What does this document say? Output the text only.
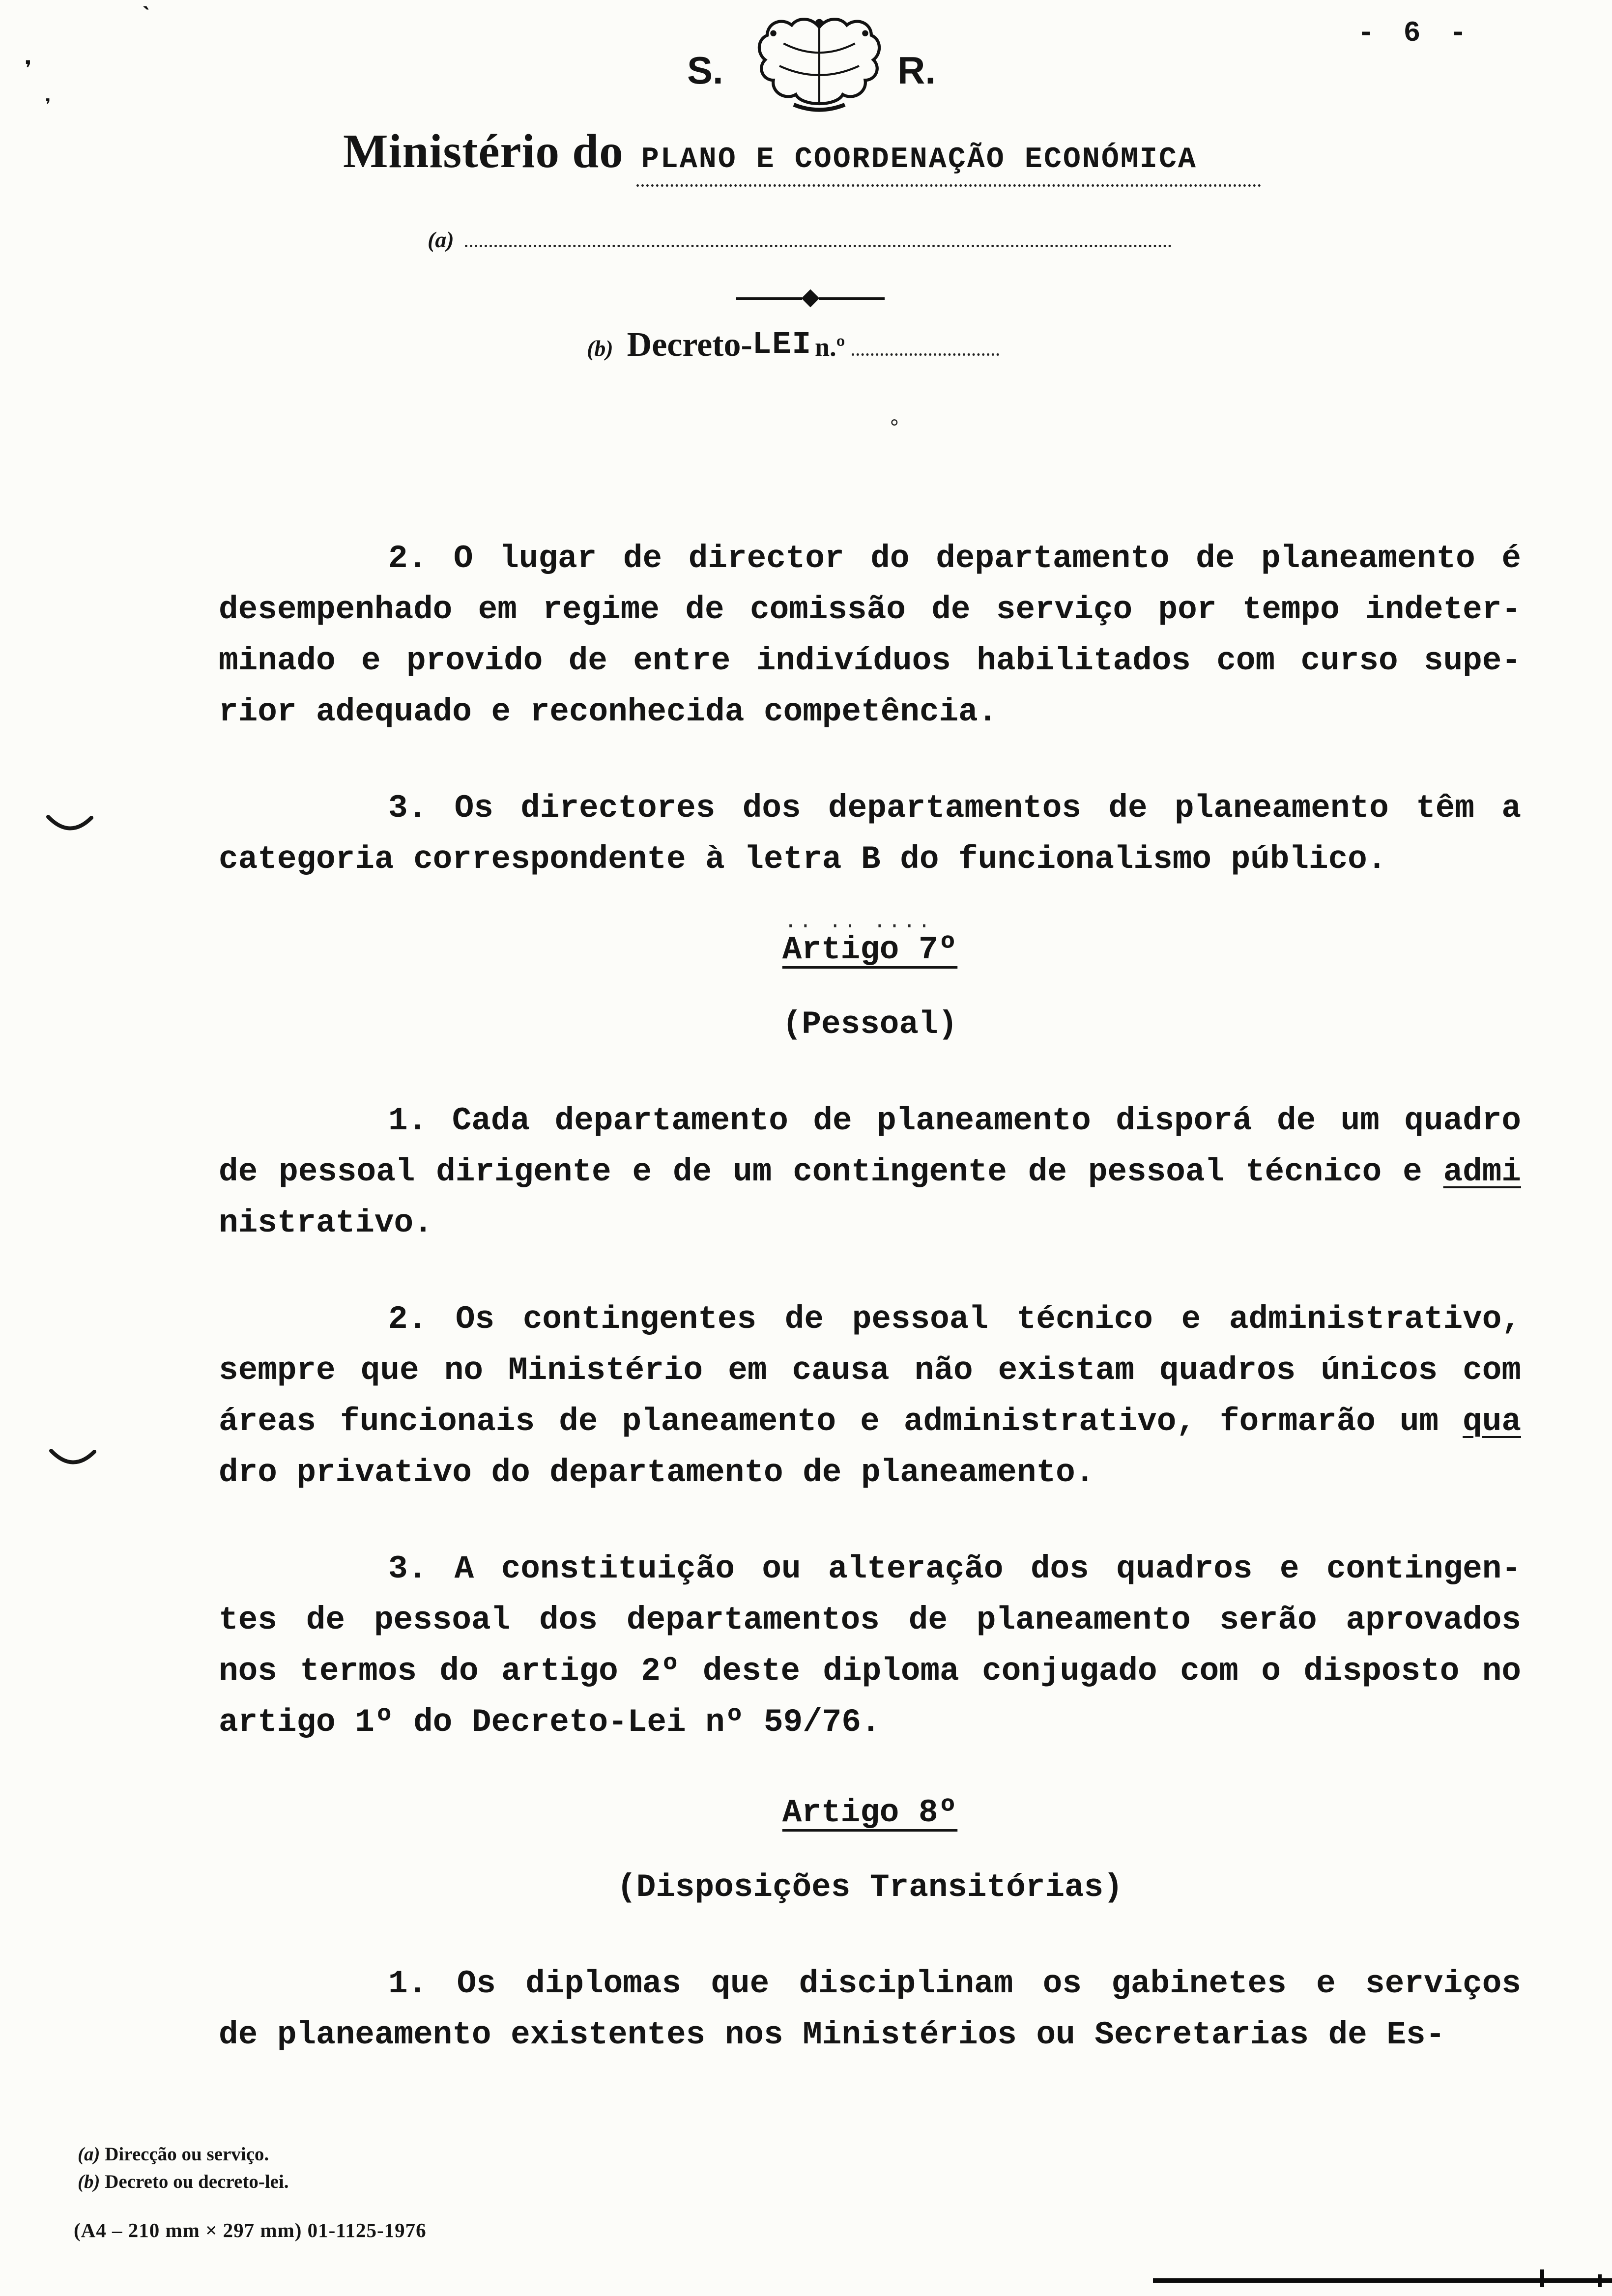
- 6 -
❜
❜
ˋ
S.	R.
Ministério do PLANO E COORDENAÇÃO ECONÓMICA
(a)
(b) Decreto- LEI n.º
°
.. .. ....
2. O lugar de director do departamento de planeamento é
desempenhado em regime de comissão de serviço por tempo indeter-
minado e provido de entre indivíduos habilitados com curso supe-
rior adequado e reconhecida competência.
3. Os directores dos departamentos de planeamento têm a
categoria correspondente à letra B do funcionalismo público.
Artigo 7º
(Pessoal)
1. Cada departamento de planeamento disporá de um quadro
de pessoal dirigente e de um contingente de pessoal técnico e admi
nistrativo.
2. Os contingentes de pessoal técnico e administrativo,
sempre que no Ministério em causa não existam quadros únicos com
áreas funcionais de planeamento e administrativo, formarão um qua
dro privativo do departamento de planeamento.
3. A constituição ou alteração dos quadros e contingen-
tes de pessoal dos departamentos de planeamento serão aprovados
nos termos do artigo 2º deste diploma conjugado com o disposto no
artigo 1º do Decreto-Lei nº 59/76.
Artigo 8º
(Disposições Transitórias)
1. Os diplomas que disciplinam os gabinetes e serviços
de planeamento existentes nos Ministérios ou Secretarias de Es-
(a) Direcção ou serviço.
(b) Decreto ou decreto-lei.
(A4 – 210 mm × 297 mm) 01-1125-1976
